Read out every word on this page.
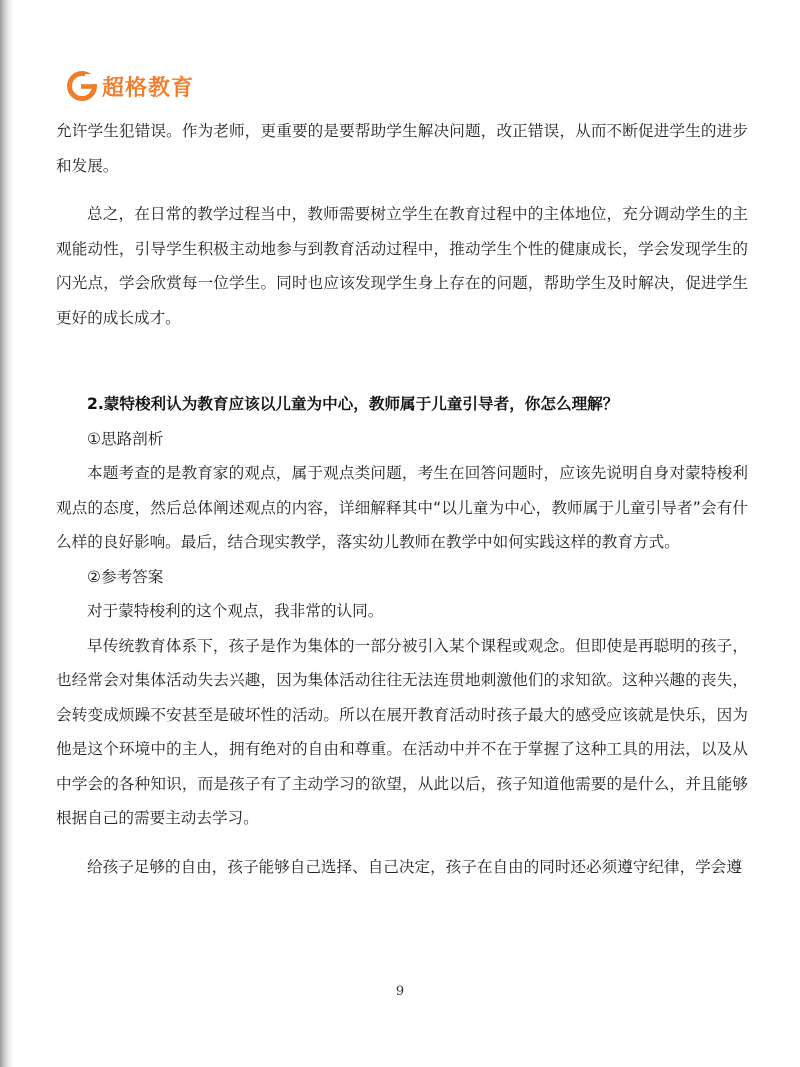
超格教育

允许学生犯错误。作为老师，更重要的是要帮助学生解决问题，改正错误，从而不断促进学生的进步和发展。

总之，在日常的教学过程当中，教师需要树立学生在教育过程中的主体地位，充分调动学生的主观能动性，引导学生积极主动地参与到教育活动过程中，推动学生个性的健康成长，学会发现学生的闪光点，学会欣赏每一位学生。同时也应该发现学生身上存在的问题，帮助学生及时解决，促进学生更好的成长成才。

2.蒙特梭利认为教育应该以儿童为中心，教师属于儿童引导者，你怎么理解？

①思路剖析

本题考查的是教育家的观点，属于观点类问题，考生在回答问题时，应该先说明自身对蒙特梭利观点的态度，然后总体阐述观点的内容，详细解释其中“以儿童为中心，教师属于儿童引导者”会有什么样的良好影响。最后，结合现实教学，落实幼儿教师在教学中如何实践这样的教育方式。

②参考答案

对于蒙特梭利的这个观点，我非常的认同。

早传统教育体系下，孩子是作为集体的一部分被引入某个课程或观念。但即使是再聪明的孩子，也经常会对集体活动失去兴趣，因为集体活动往往无法连贯地刺激他们的求知欲。这种兴趣的丧失，会转变成烦躁不安甚至是破坏性的活动。所以在展开教育活动时孩子最大的感受应该就是快乐，因为他是这个环境中的主人，拥有绝对的自由和尊重。在活动中并不在于掌握了这种工具的用法，以及从中学会的各种知识，而是孩子有了主动学习的欲望，从此以后，孩子知道他需要的是什么，并且能够根据自己的需要主动去学习。

给孩子足够的自由，孩子能够自己选择、自己决定，孩子在自由的同时还必须遵守纪律，学会遵

9
